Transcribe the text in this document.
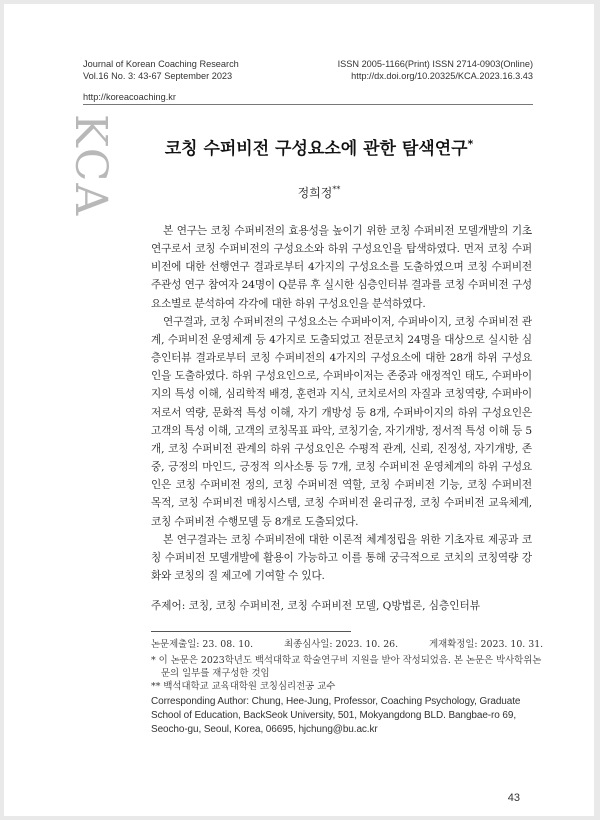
Journal of Korean Coaching Research
Vol.16 No. 3: 43-67 September 2023
ISSN 2005-1166(Print) ISSN 2714-0903(Online)
http://dx.doi.org/10.20325/KCA.2023.16.3.43
http://koreacoaching.kr
KCA	코칭 수퍼비전 구성요소에 관한 탐색연구*
정희정**

본 연구는 코칭 수퍼비전의 효용성을 높이기 위한 코칭 수퍼비전 모델개발의 기초연구로서 코칭 수퍼비전의 구성요소와 하위 구성요인을 탐색하였다. 먼저 코칭 수퍼비전에 대한 선행연구 결과로부터 4가지의 구성요소를 도출하였으며 코칭 수퍼비전 주관성 연구 참여자 24명이 Q분류 후 실시한 심층인터뷰 결과를 코칭 수퍼비전 구성요소별로 분석하여 각각에 대한 하위 구성요인을 분석하였다.

연구결과, 코칭 수퍼비전의 구성요소는 수퍼바이저, 수퍼바이지, 코칭 수퍼비전 관계, 수퍼비전 운영체계 등 4가지로 도출되었고 전문코치 24명을 대상으로 실시한 심층인터뷰 결과로부터 코칭 수퍼비전의 4가지의 구성요소에 대한 28개 하위 구성요인을 도출하였다. 하위 구성요인으로, 수퍼바이저는 존중과 애정적인 태도, 수퍼바이지의 특성 이해, 심리학적 배경, 훈련과 지식, 코치로서의 자질과 코칭역량, 수퍼바이저로서 역량, 문화적 특성 이해, 자기 개방성 등 8개, 수퍼바이지의 하위 구성요인은 고객의 특성 이해, 고객의 코칭목표 파악, 코칭기술, 자기개방, 정서적 특성 이해 등 5개, 코칭 수퍼비전 관계의 하위 구성요인은 수평적 관계, 신뢰, 진정성, 자기개방, 존중, 긍정의 마인드, 긍정적 의사소통 등 7개, 코칭 수퍼비전 운영체계의 하위 구성요인은 코칭 수퍼비전 정의, 코칭 수퍼비전 역할, 코칭 수퍼비전 기능, 코칭 수퍼비전 목적, 코칭 수퍼비전 매칭시스템, 코칭 수퍼비전 윤리규정, 코칭 수퍼비전 교육체계, 코칭 수퍼비전 수행모델 등 8개로 도출되었다.

본 연구결과는 코칭 수퍼비전에 대한 이론적 체계정립을 위한 기초자료 제공과 코칭 수퍼비전 모델개발에 활용이 가능하고 이를 통해 궁극적으로 코치의 코칭역량 강화와 코칭의 질 제고에 기여할 수 있다.

주제어: 코칭, 코칭 수퍼비전, 코칭 수퍼비전 모델, Q방법론, 심층인터뷰
논문제출일: 23. 08. 10.	최종심사일: 2023. 10. 26.	게재확정일: 2023. 10. 31.
* 이 논문은 2023학년도 백석대학교 학술연구비 지원을 받아 작성되었음. 본 논문은 박사학위논문의 일부를 재구성한 것임
** 백석대학교 교육대학원 코칭심리전공 교수
Corresponding Author: Chung, Hee-Jung, Professor, Coaching Psychology, Graduate School of Education, BackSeok University, 501, Mokyangdong BLD. Bangbae-ro 69, Seocho-gu, Seoul, Korea, 06695, hjchung@bu.ac.kr
43
